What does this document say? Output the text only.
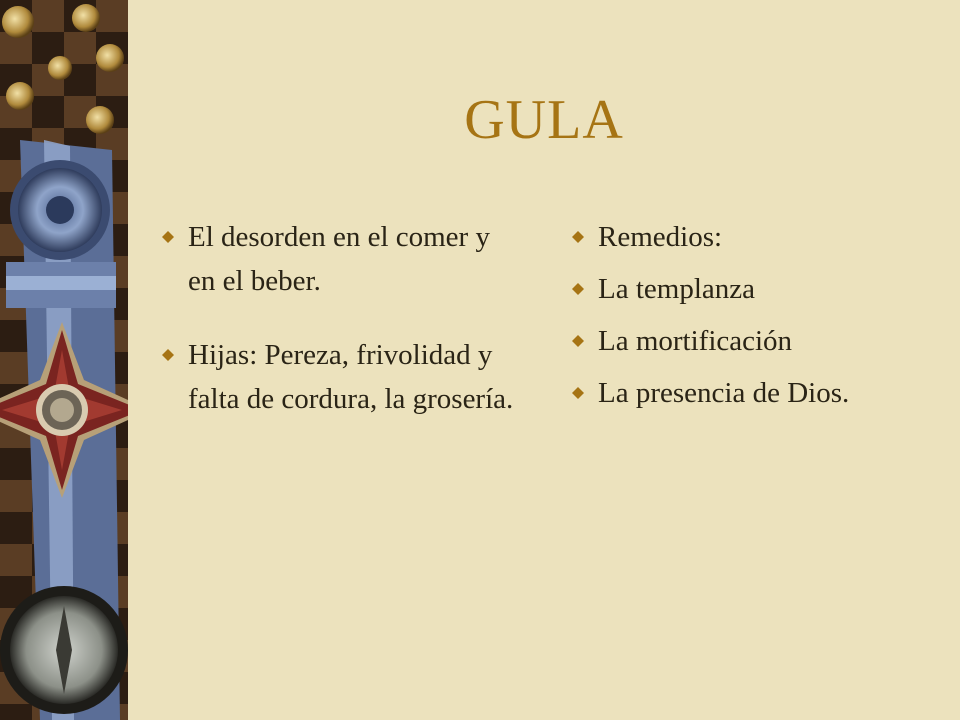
GULA
El desorden en el comer y en el beber.
Hijas: Pereza, frivolidad y falta de cordura, la grosería.
Remedios:
La templanza
La mortificación
La presencia de Dios.
